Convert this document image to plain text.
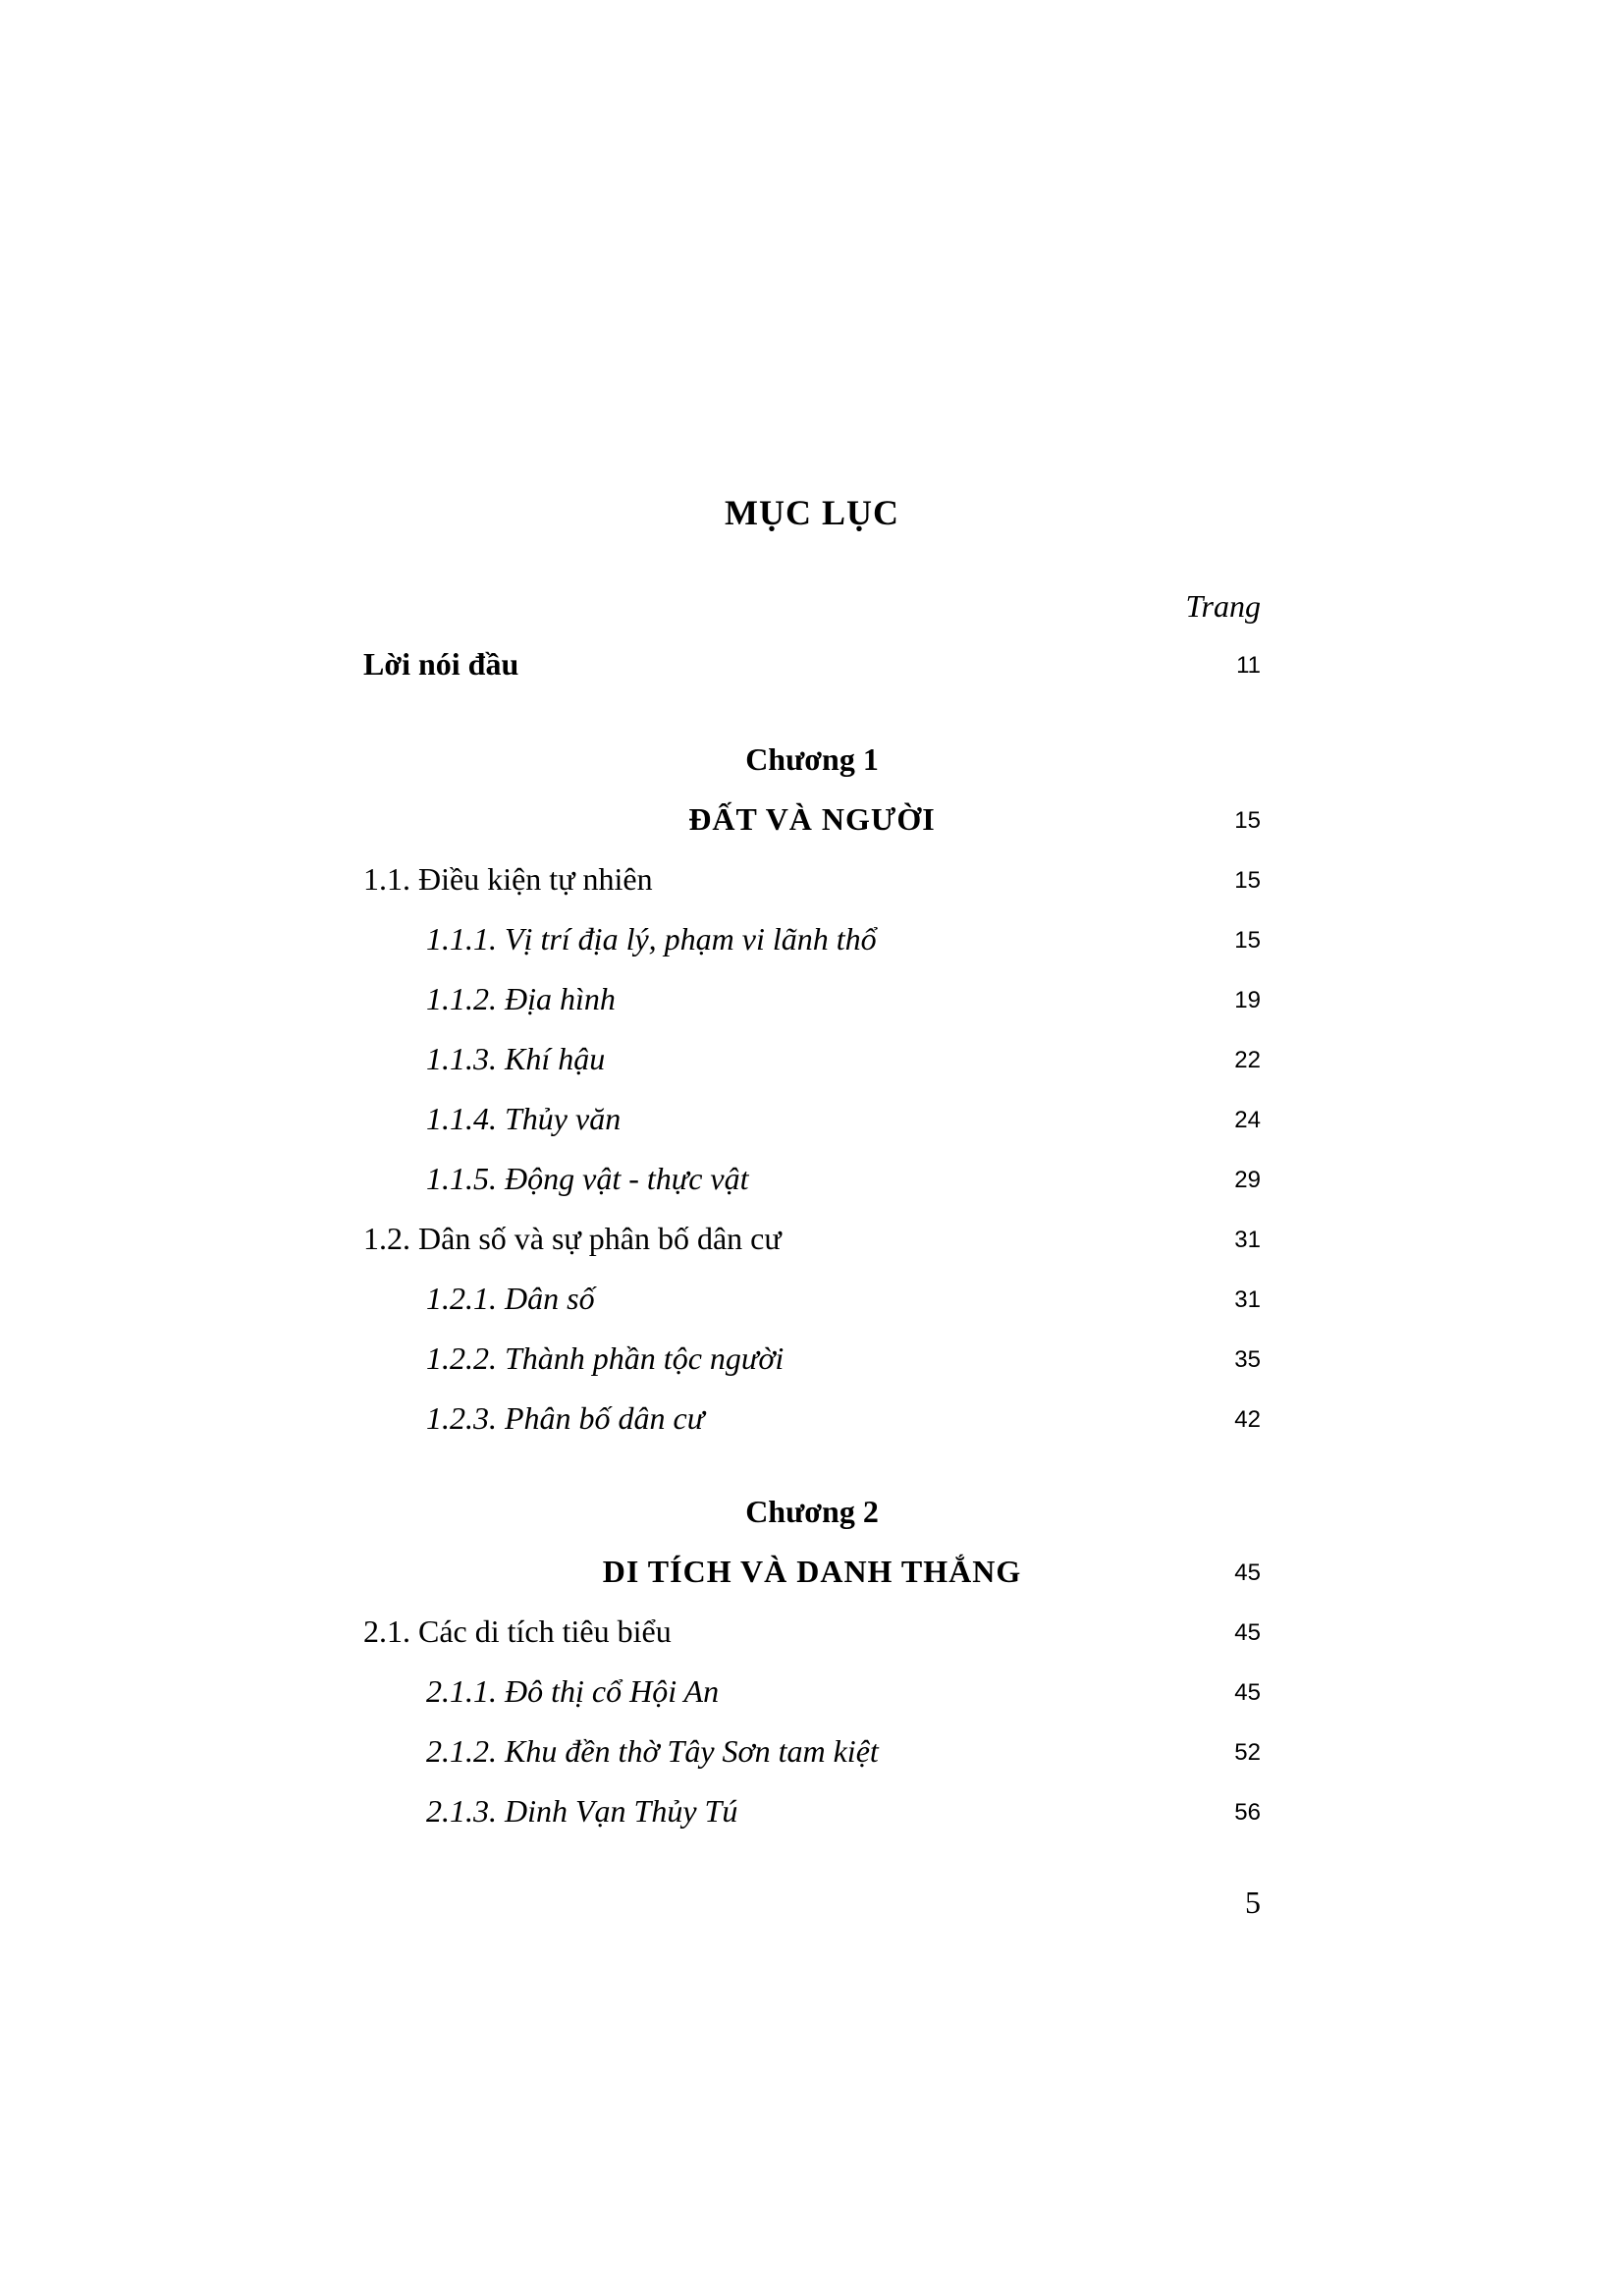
MỤC LỤC
Trang
Lời nói đầu	11
Chương 1
ĐẤT VÀ NGƯỜI	15
1.1. Điều kiện tự nhiên	15
1.1.1. Vị trí địa lý, phạm vi lãnh thổ	15
1.1.2. Địa hình	19
1.1.3. Khí hậu	22
1.1.4. Thủy văn	24
1.1.5. Động vật - thực vật	29
1.2. Dân số và sự phân bố dân cư	31
1.2.1. Dân số	31
1.2.2. Thành phần tộc người	35
1.2.3. Phân bố dân cư	42
Chương 2
DI TÍCH VÀ DANH THẮNG	45
2.1. Các di tích tiêu biểu	45
2.1.1. Đô thị cổ Hội An	45
2.1.2. Khu đền thờ Tây Sơn tam kiệt	52
2.1.3. Dinh Vạn Thủy Tú	56
5
